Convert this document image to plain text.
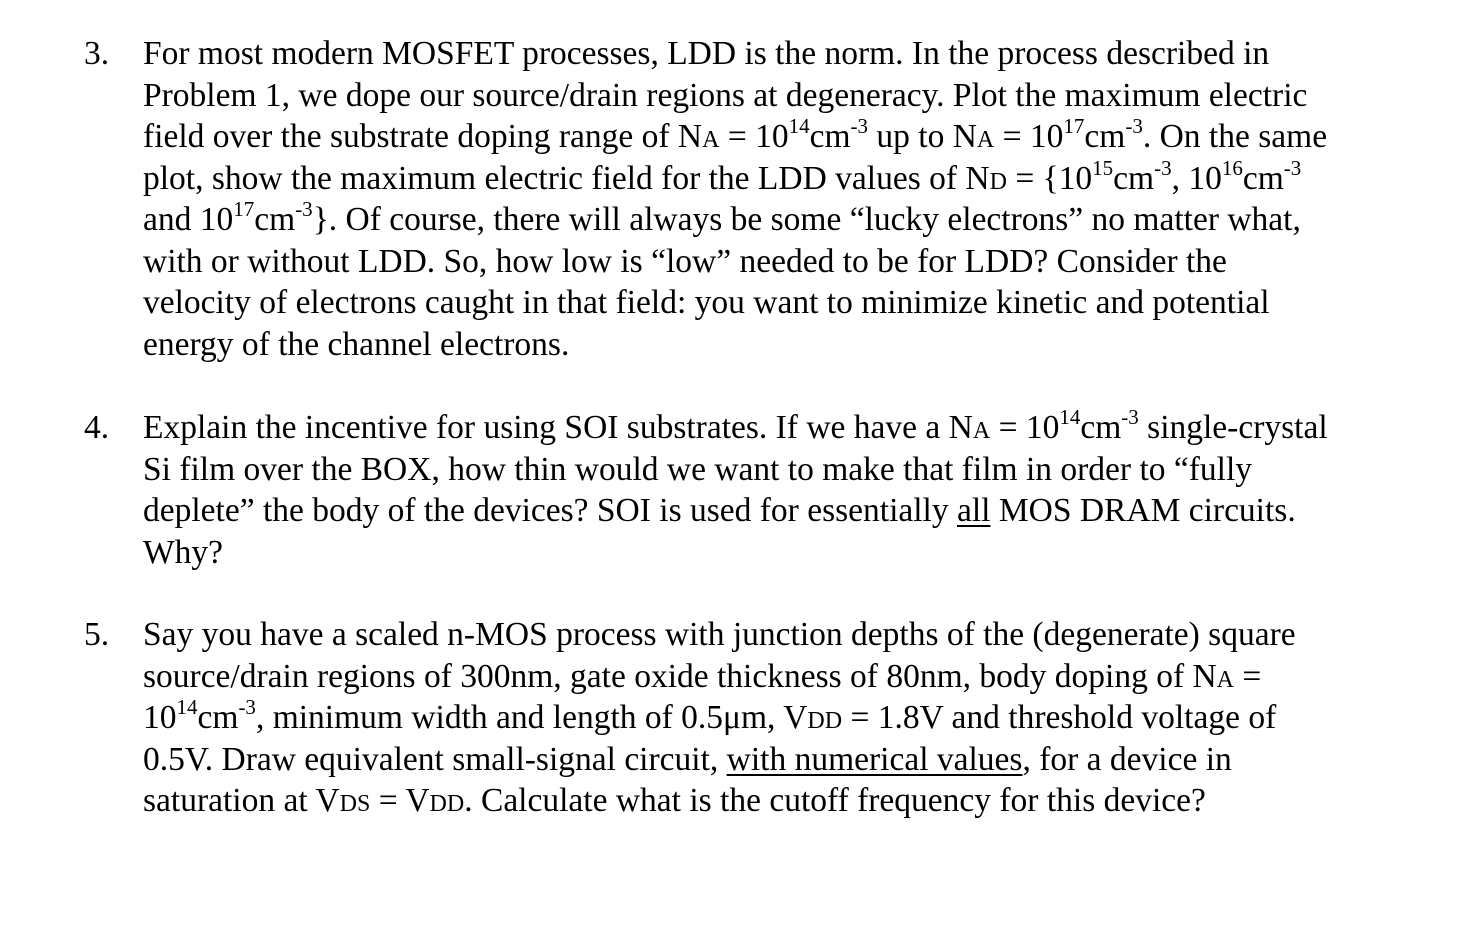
3.	For most modern MOSFET processes, LDD is the norm. In the process described in
Problem 1, we dope our source/drain regions at degeneracy. Plot the maximum electric
field over the substrate doping range of NA = $10^{14}cm^{-3}$ up to NA = $10^{17}cm^{-3}$. On the same
plot, show the maximum electric field for the LDD values of ND = {$10^{15}cm^{-3}$, $10^{16}cm^{-3}$
and $10^{17}cm^{-3}$}. Of course, there will always be some “lucky electrons” no matter what,
with or without LDD. So, how low is “low” needed to be for LDD? Consider the
velocity of electrons caught in that field: you want to minimize kinetic and potential
energy of the channel electrons.
4.	Explain the incentive for using SOI substrates. If we have a NA = $10^{14}cm^{-3}$ single-crystal
Si film over the BOX, how thin would we want to make that film in order to “fully
deplete” the body of the devices? SOI is used for essentially all MOS DRAM circuits.
Why?
5.	Say you have a scaled n-MOS process with junction depths of the (degenerate) square
source/drain regions of 300nm, gate oxide thickness of 80nm, body doping of NA =
$10^{14}cm^{-3}$, minimum width and length of 0.5μm, VDD = 1.8V and threshold voltage of
0.5V. Draw equivalent small-signal circuit, with numerical values, for a device in
saturation at VDS = VDD. Calculate what is the cutoff frequency for this device?
